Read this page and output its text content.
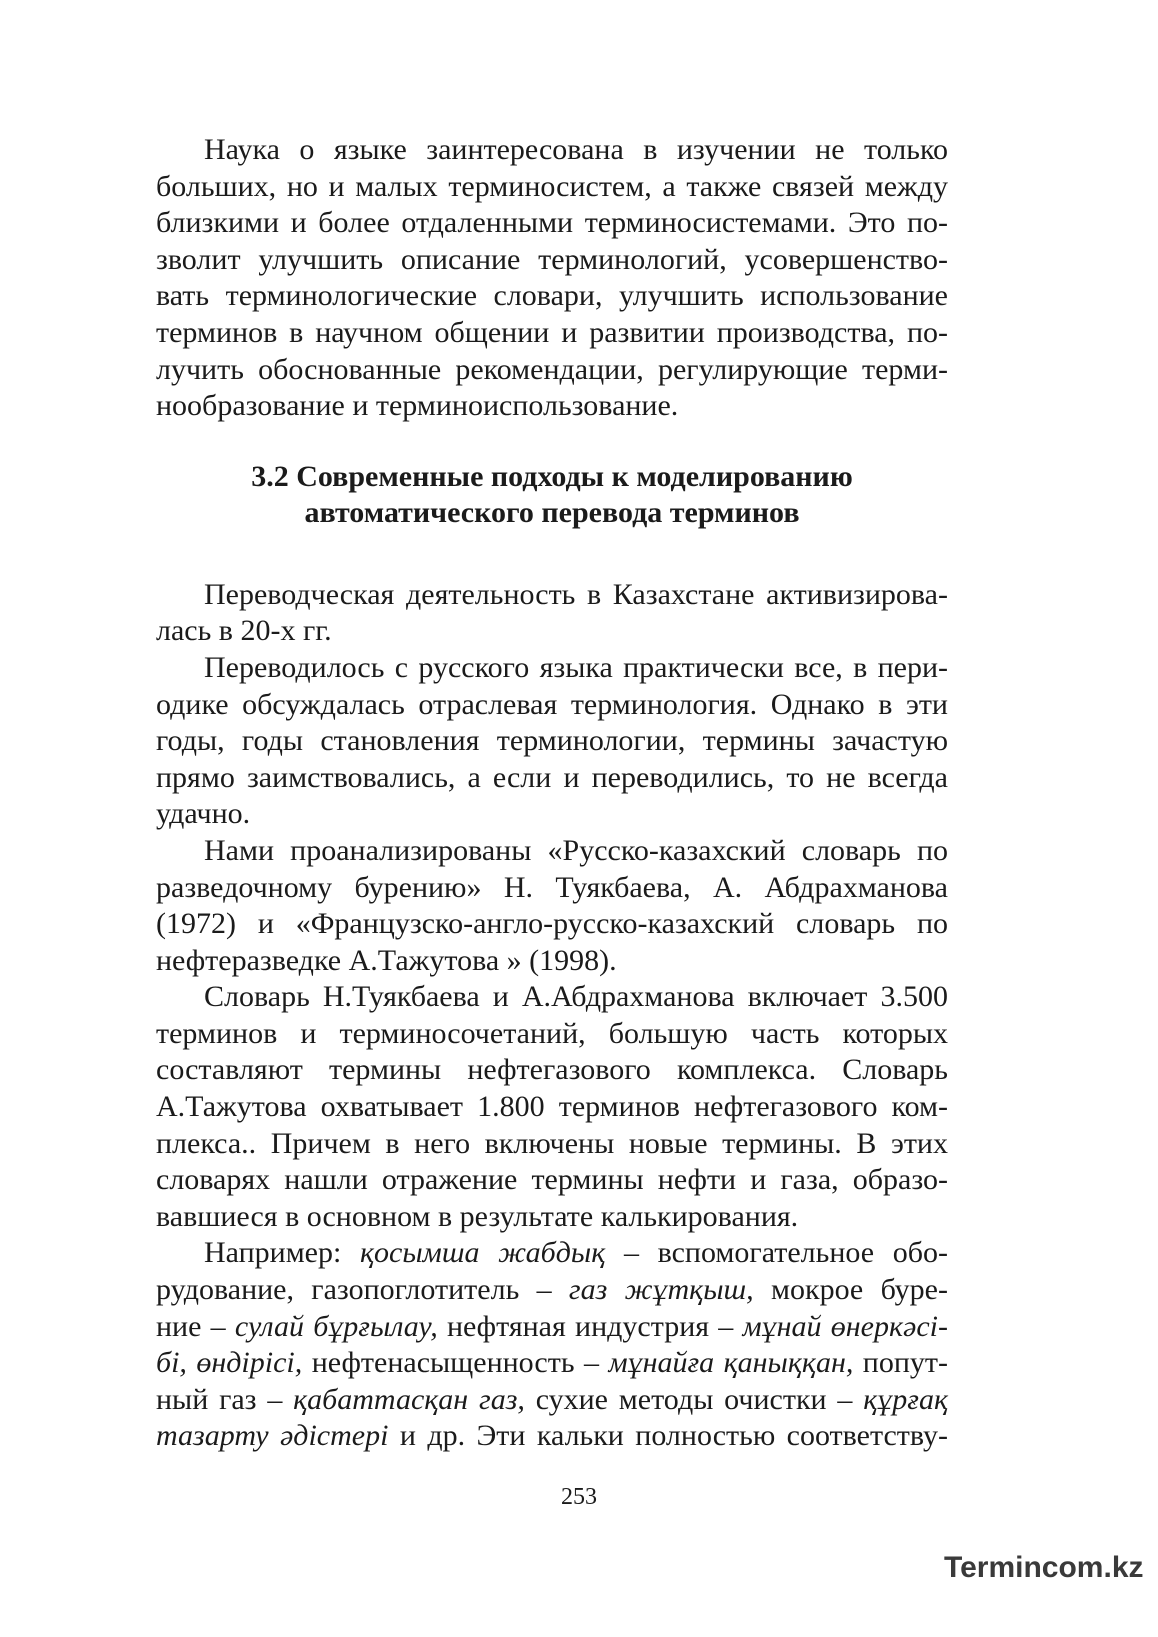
Наука о языке заинтересована в изучении не только
больших, но и малых терминосистем, а также связей между
близкими и более отдаленными терминосистемами. Это по-
зволит улучшить описание терминологий, усовершенство-
вать терминологические словари, улучшить использование
терминов в научном общении и развитии производства, по-
лучить обоснованные рекомендации, регулирующие терми-
нообразование и терминоиспользование.

3.2 Современные подходы к моделированию
автоматического перевода терминов

Переводческая деятельность в Казахстане активизирова-
лась в 20-х гг.

Переводилось с русского языка практически все, в пери-
одике обсуждалась отраслевая терминология. Однако в эти
годы, годы становления терминологии, термины зачастую
прямо заимствовались, а если и переводились, то не всегда
удачно.

Нами проанализированы «Русско-казахский словарь по
разведочному бурению» Н. Туякбаева, А. Абдрахманова
(1972) и «Французско-англо-русско-казахский словарь по
нефтеразведке А.Тажутова » (1998).

Словарь Н.Туякбаева и А.Абдрахманова включает 3.500
терминов и терминосочетаний, большую часть которых
составляют термины нефтегазового комплекса. Словарь
А.Тажутова охватывает 1.800 терминов нефтегазового ком-
плекса.. Причем в него включены новые термины. В этих
словарях нашли отражение термины нефти и газа, образо-
вавшиеся в основном в результате калькирования.

Например: қосымша жабдық – вспомогательное обо-
рудование, газопоглотитель – газ жұтқыш, мокрое буре-
ние – сулай бұрғылау, нефтяная индустрия – мұнай өнеркәсі-
бі, өндірісі, нефтенасыщенность – мұнайға қаныққан, попут-
ный газ – қабаттасқан газ, сухие методы очистки – құрғақ
тазарту әдістері и др. Эти кальки полностью соответству-

253
Termincom.kz
